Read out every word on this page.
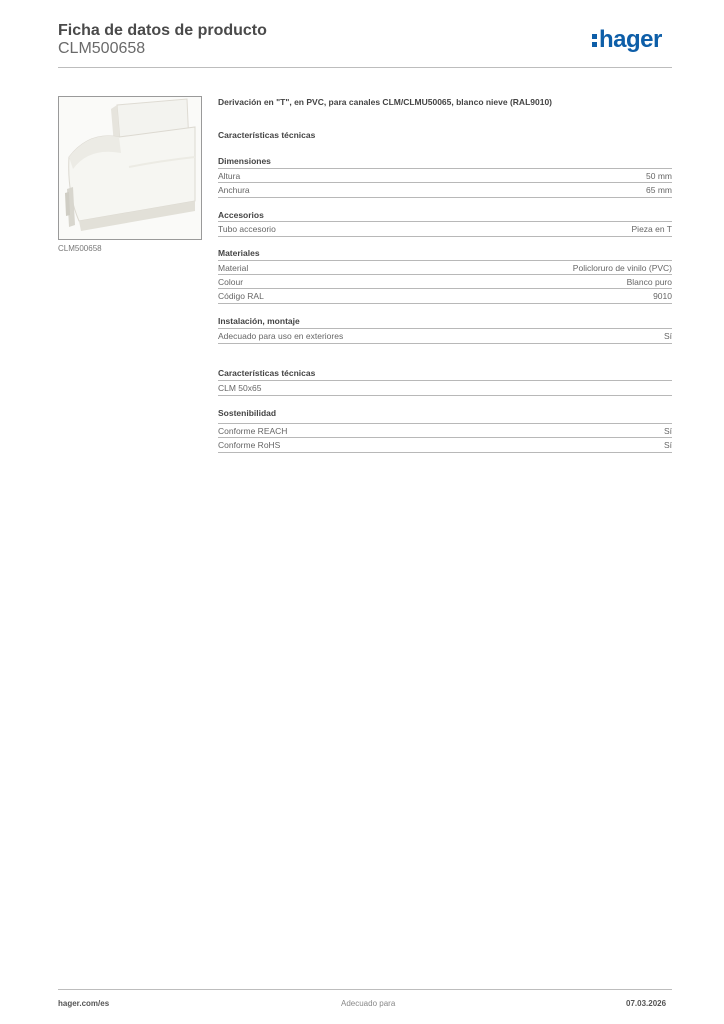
Ficha de datos de producto
CLM500658	hager
CLM500658
Derivación en "T", en PVC, para canales CLM/CLMU50065, blanco nieve (RAL9010)
Características técnicas
Dimensiones
Altura	50 mm
Anchura	65 mm
Accesorios
Tubo accesorio	Pieza en T
Materiales
Material	Policloruro de vinilo (PVC)
Colour	Blanco puro
Código RAL	9010
Instalación, montaje
Adecuado para uso en exteriores	Sí
Características técnicas
CLM 50x65
Sostenibilidad
Conforme REACH	Sí
Conforme RoHS	Sí
hager.com/es	Adecuado para	07.03.2026
